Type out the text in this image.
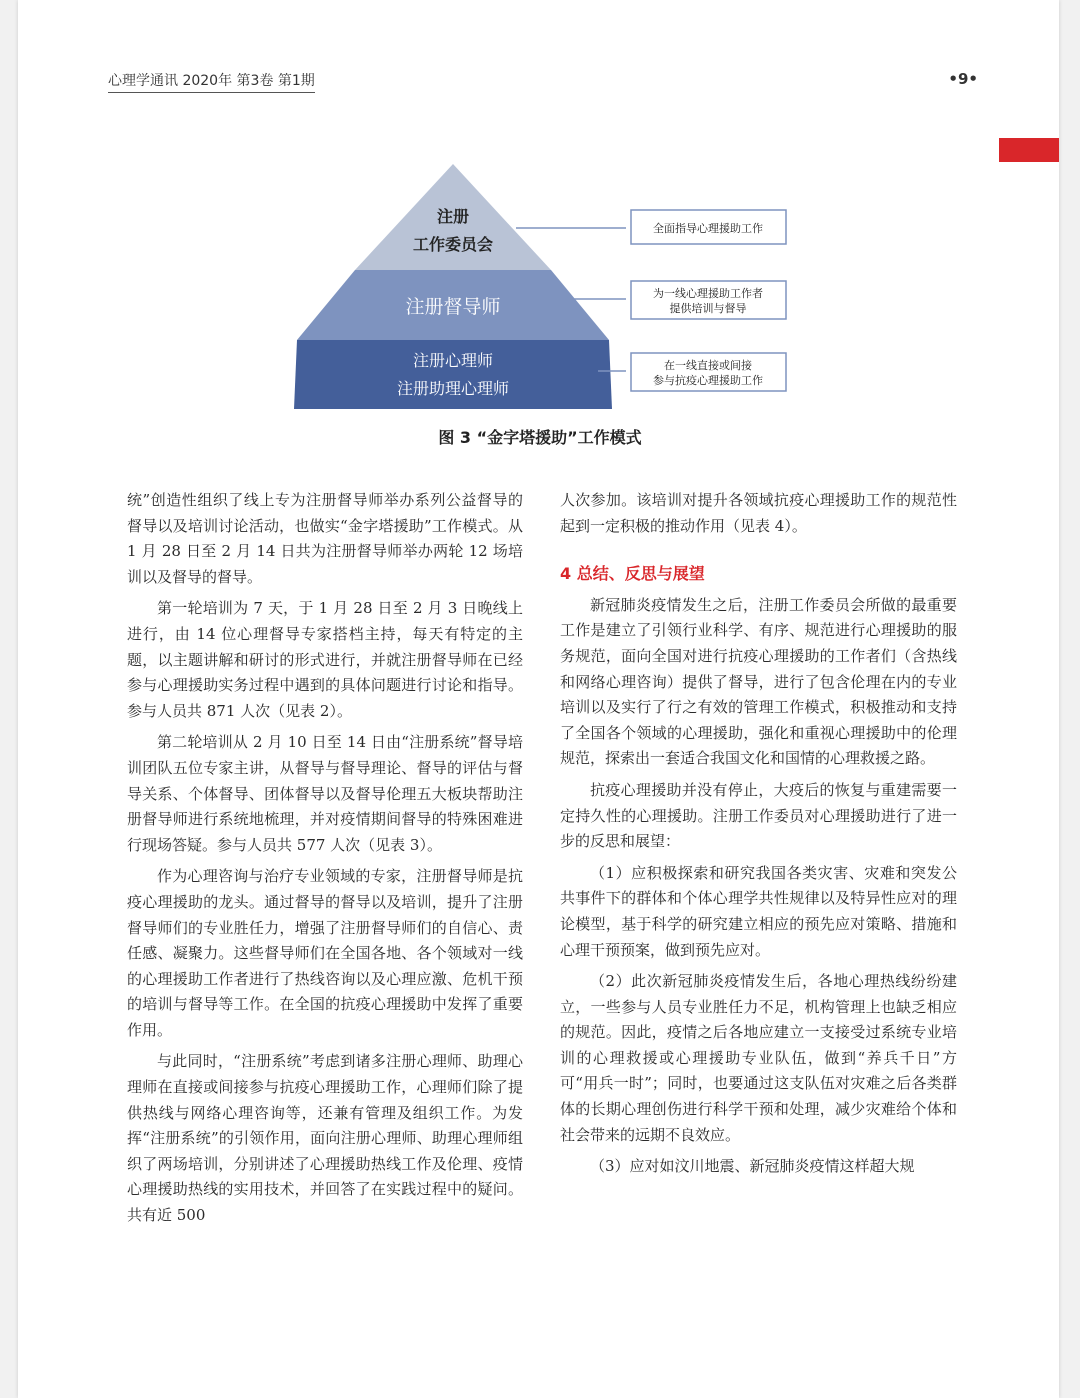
心理学通讯 2020年 第3卷 第1期	•9•
注册
工作委员会
注册督导师
注册心理师
注册助理心理师
全面指导心理援助工作
为一线心理援助工作者
提供培训与督导
在一线直接或间接
参与抗疫心理援助工作
图 3 “金字塔援助”工作模式

统”创造性组织了线上专为注册督导师举办系列公益督导的督导以及培训讨论活动，也做实“金字塔援助”工作模式。从 1 月 28 日至 2 月 14 日共为注册督导师举办两轮 12 场培训以及督导的督导。

第一轮培训为 7 天，于 1 月 28 日至 2 月 3 日晚线上进行，由 14 位心理督导专家搭档主持，每天有特定的主题，以主题讲解和研讨的形式进行，并就注册督导师在已经参与心理援助实务过程中遇到的具体问题进行讨论和指导。参与人员共 871 人次（见表 2）。

第二轮培训从 2 月 10 日至 14 日由“注册系统”督导培训团队五位专家主讲，从督导与督导理论、督导的评估与督导关系、个体督导、团体督导以及督导伦理五大板块帮助注册督导师进行系统地梳理，并对疫情期间督导的特殊困难进行现场答疑。参与人员共 577 人次（见表 3）。

作为心理咨询与治疗专业领域的专家，注册督导师是抗疫心理援助的龙头。通过督导的督导以及培训，提升了注册督导师们的专业胜任力，增强了注册督导师们的自信心、责任感、凝聚力。这些督导师们在全国各地、各个领域对一线的心理援助工作者进行了热线咨询以及心理应激、危机干预的培训与督导等工作。在全国的抗疫心理援助中发挥了重要作用。

与此同时，“注册系统”考虑到诸多注册心理师、助理心理师在直接或间接参与抗疫心理援助工作，心理师们除了提供热线与网络心理咨询等，还兼有管理及组织工作。为发挥“注册系统”的引领作用，面向注册心理师、助理心理师组织了两场培训，分别讲述了心理援助热线工作及伦理、疫情心理援助热线的实用技术，并回答了在实践过程中的疑问。共有近 500

人次参加。该培训对提升各领域抗疫心理援助工作的规范性起到一定积极的推动作用（见表 4）。

4 总结、反思与展望

新冠肺炎疫情发生之后，注册工作委员会所做的最重要工作是建立了引领行业科学、有序、规范进行心理援助的服务规范，面向全国对进行抗疫心理援助的工作者们（含热线和网络心理咨询）提供了督导，进行了包含伦理在内的专业培训以及实行了行之有效的管理工作模式，积极推动和支持了全国各个领域的心理援助，强化和重视心理援助中的伦理规范，探索出一套适合我国文化和国情的心理救援之路。

抗疫心理援助并没有停止，大疫后的恢复与重建需要一定持久性的心理援助。注册工作委员对心理援助进行了进一步的反思和展望：

（1）应积极探索和研究我国各类灾害、灾难和突发公共事件下的群体和个体心理学共性规律以及特异性应对的理论模型，基于科学的研究建立相应的预先应对策略、措施和心理干预预案，做到预先应对。

（2）此次新冠肺炎疫情发生后，各地心理热线纷纷建立，一些参与人员专业胜任力不足，机构管理上也缺乏相应的规范。因此，疫情之后各地应建立一支接受过系统专业培训的心理救援或心理援助专业队伍，做到“养兵千日”方可“用兵一时”；同时，也要通过这支队伍对灾难之后各类群体的长期心理创伤进行科学干预和处理，减少灾难给个体和社会带来的远期不良效应。

（3）应对如汶川地震、新冠肺炎疫情这样超大规
